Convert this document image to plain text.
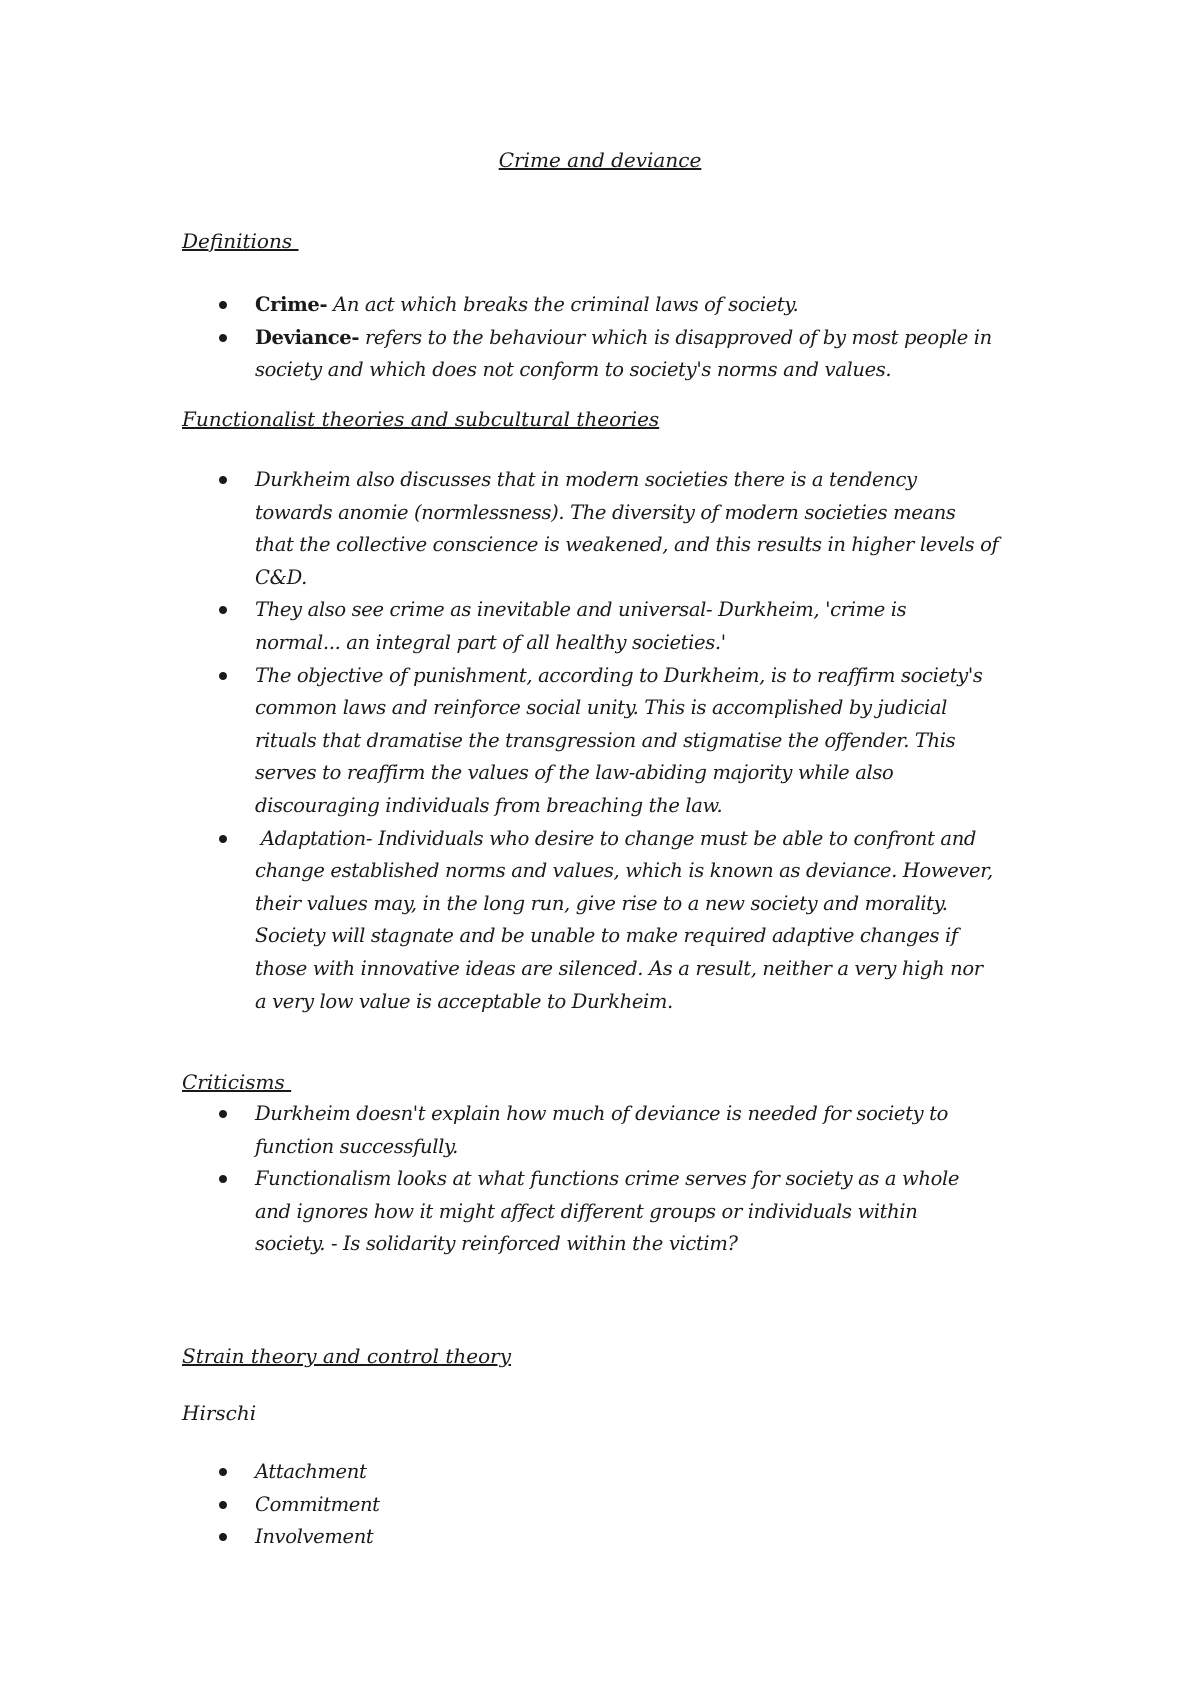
Crime and deviance
Definitions
Crime- An act which breaks the criminal laws of society.
Deviance- refers to the behaviour which is disapproved of by most people in
society and which does not conform to society's norms and values.
Functionalist theories and subcultural theories
Durkheim also discusses that in modern societies there is a tendency
towards anomie (normlessness). The diversity of modern societies means
that the collective conscience is weakened, and this results in higher levels of
C&D.
They also see crime as inevitable and universal- Durkheim, 'crime is
normal... an integral part of all healthy societies.'
The objective of punishment, according to Durkheim, is to reaffirm society's
common laws and reinforce social unity. This is accomplished by judicial
rituals that dramatise the transgression and stigmatise the offender. This
serves to reaffirm the values of the law-abiding majority while also
discouraging individuals from breaching the law.
Adaptation- Individuals who desire to change must be able to confront and
change established norms and values, which is known as deviance. However,
their values may, in the long run, give rise to a new society and morality.
Society will stagnate and be unable to make required adaptive changes if
those with innovative ideas are silenced. As a result, neither a very high nor
a very low value is acceptable to Durkheim.
Criticisms
Durkheim doesn't explain how much of deviance is needed for society to
function successfully.
Functionalism looks at what functions crime serves for society as a whole
and ignores how it might affect different groups or individuals within
society. - Is solidarity reinforced within the victim?
Strain theory and control theory
Hirschi
Attachment
Commitment
Involvement
